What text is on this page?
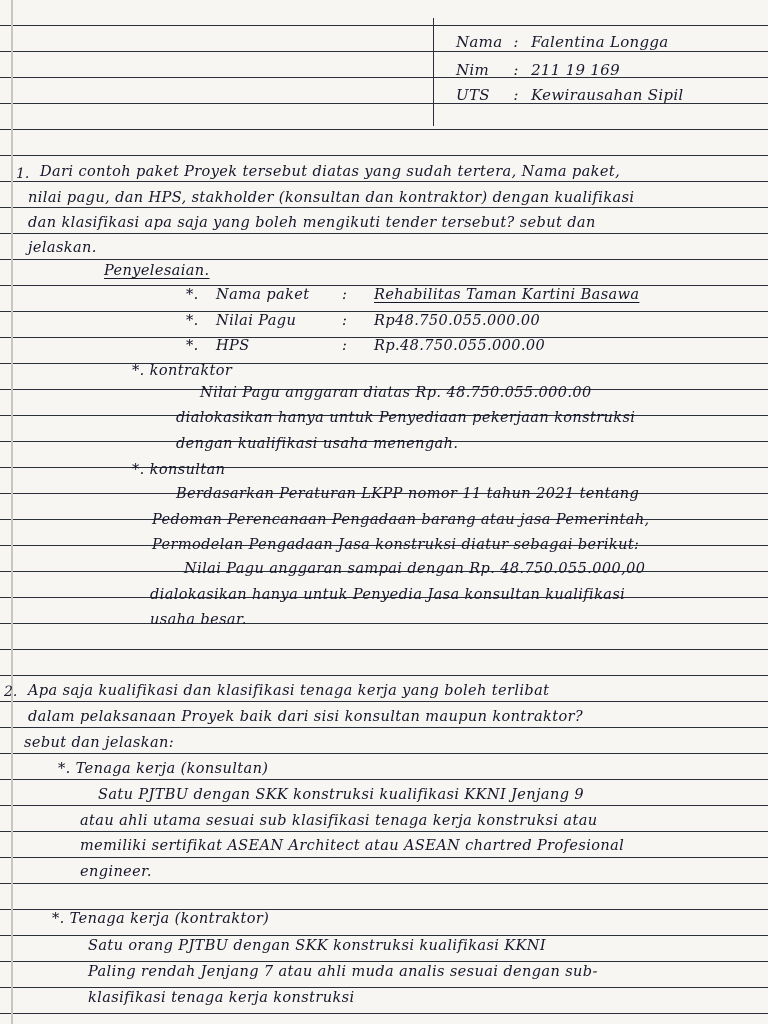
Nama : Falentina Longga
Nim : 211 19 169
UTS : Kewirausahan Sipil
1. Dari contoh paket Proyek tersebut diatas yang sudah tertera, Nama paket,
nilai pagu, dan HPS, stakholder (konsultan dan kontraktor) dengan kualifikasi
dan klasifikasi apa saja yang boleh mengikuti tender tersebut? sebut dan
jelaskan.
Penyelesaian.
*. Nama paket : Rehabilitas Taman Kartini Basawa
*. Nilai Pagu	: Rp48.750.055.000.00
*. HPS	: Rp.48.750.055.000.00
*. kontraktor
Nilai Pagu anggaran diatas Rp. 48.750.055.000.00
dialokasikan hanya untuk Penyediaan pekerjaan konstruksi
dengan kualifikasi usaha menengah.
*. konsultan
Berdasarkan Peraturan LKPP nomor 11 tahun 2021 tentang
Pedoman Perencanaan Pengadaan barang atau jasa Pemerintah,
Permodelan Pengadaan Jasa konstruksi diatur sebagai berikut:
Nilai Pagu anggaran sampai dengan Rp. 48.750.055.000,00
dialokasikan hanya untuk Penyedia Jasa konsultan kualifikasi
usaha besar.
2. Apa saja kualifikasi dan klasifikasi tenaga kerja yang boleh terlibat
dalam pelaksanaan Proyek baik dari sisi konsultan maupun kontraktor?
sebut dan jelaskan:
*. Tenaga kerja (konsultan)
Satu PJTBU dengan SKK konstruksi kualifikasi KKNI Jenjang 9
atau ahli utama sesuai sub klasifikasi tenaga kerja konstruksi atau
memiliki sertifikat ASEAN Architect atau ASEAN chartred Profesional
engineer.
*. Tenaga kerja (kontraktor)
Satu orang PJTBU dengan SKK konstruksi kualifikasi KKNI
Paling rendah Jenjang 7 atau ahli muda analis sesuai dengan sub-
klasifikasi tenaga kerja konstruksi
